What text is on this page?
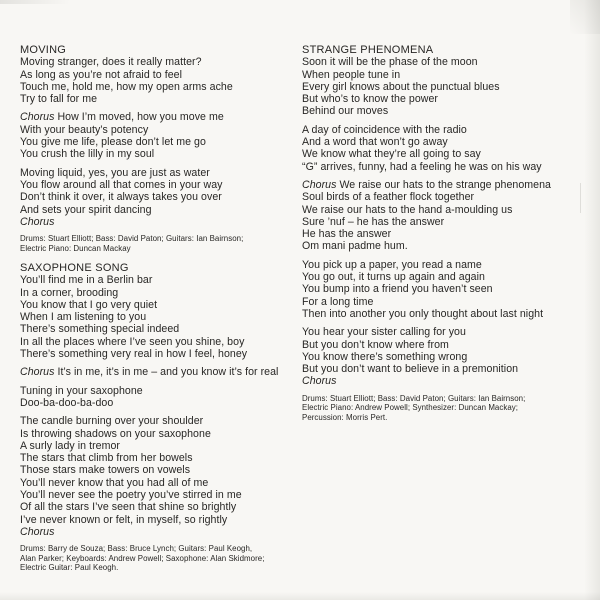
MOVING
Moving stranger, does it really matter?
As long as you’re not afraid to feel
Touch me, hold me, how my open arms ache
Try to fall for me
Chorus How I’m moved, how you move me
With your beauty’s potency
You give me life, please don’t let me go
You crush the lilly in my soul
Moving liquid, yes, you are just as water
You flow around all that comes in your way
Don’t think it over, it always takes you over
And sets your spirit dancing
Chorus
Drums: Stuart Elliott; Bass: David Paton; Guitars: Ian Bairnson;
Electric Piano: Duncan Mackay
SAXOPHONE SONG
You’ll find me in a Berlin bar
In a corner, brooding
You know that I go very quiet
When I am listening to you
There’s something special indeed
In all the places where I’ve seen you shine, boy
There’s something very real in how I feel, honey
Chorus It’s in me, it’s in me – and you know it’s for real
Tuning in your saxophone
Doo-ba-doo-ba-doo
The candle burning over your shoulder
Is throwing shadows on your saxophone
A surly lady in tremor
The stars that climb from her bowels
Those stars make towers on vowels
You’ll never know that you had all of me
You’ll never see the poetry you’ve stirred in me
Of all the stars I’ve seen that shine so brightly
I’ve never known or felt, in myself, so rightly
Chorus
Drums: Barry de Souza; Bass: Bruce Lynch; Guitars: Paul Keogh,
Alan Parker; Keyboards: Andrew Powell; Saxophone: Alan Skidmore;
Electric Guitar: Paul Keogh.
STRANGE PHENOMENA
Soon it will be the phase of the moon
When people tune in
Every girl knows about the punctual blues
But who’s to know the power
Behind our moves
A day of coincidence with the radio
And a word that won’t go away
We know what they’re all going to say
“G” arrives, funny, had a feeling he was on his way
Chorus We raise our hats to the strange phenomena
Soul birds of a feather flock together
We raise our hats to the hand a-moulding us
Sure ’nuf – he has the answer
He has the answer
Om mani padme hum.
You pick up a paper, you read a name
You go out, it turns up again and again
You bump into a friend you haven’t seen
For a long time
Then into another you only thought about last night
You hear your sister calling for you
But you don’t know where from
You know there’s something wrong
But you don’t want to believe in a premonition
Chorus
Drums: Stuart Elliott; Bass: David Paton; Guitars: Ian Bairnson;
Electric Piano: Andrew Powell; Synthesizer: Duncan Mackay;
Percussion: Morris Pert.
